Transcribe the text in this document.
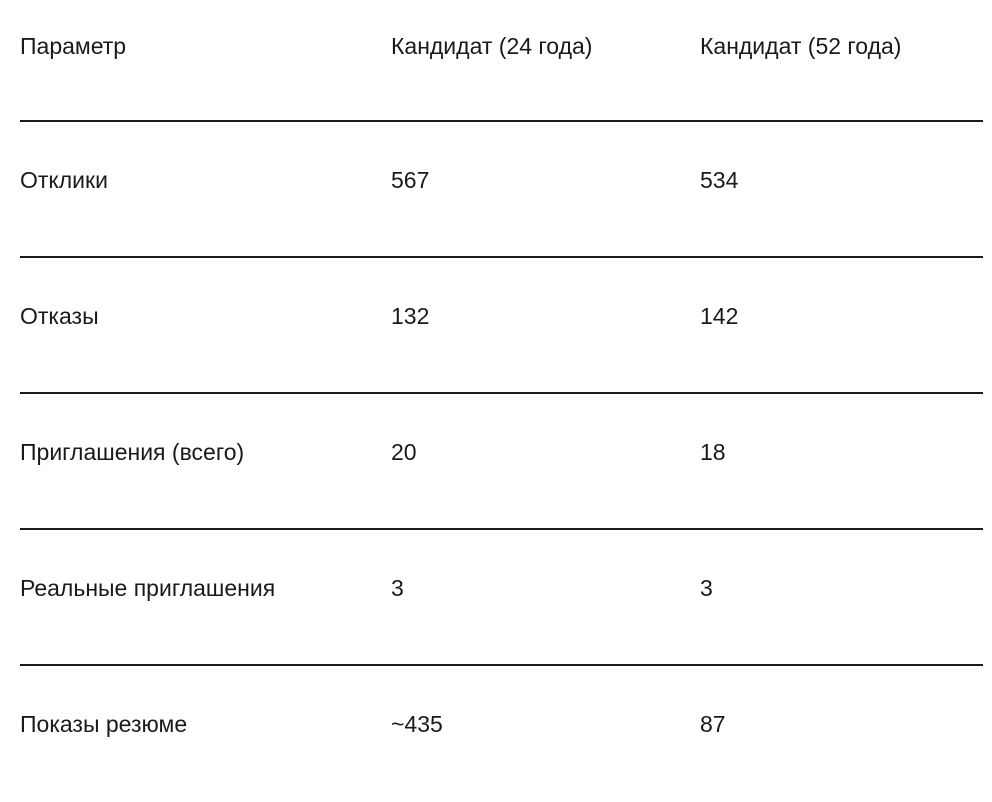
Параметр	Кандидат (24 года)	Кандидат (52 года)
Отклики	567	534
Отказы	132	142
Приглашения (всего)	20	18
Реальные приглашения	3	3
Показы резюме	~435	87
